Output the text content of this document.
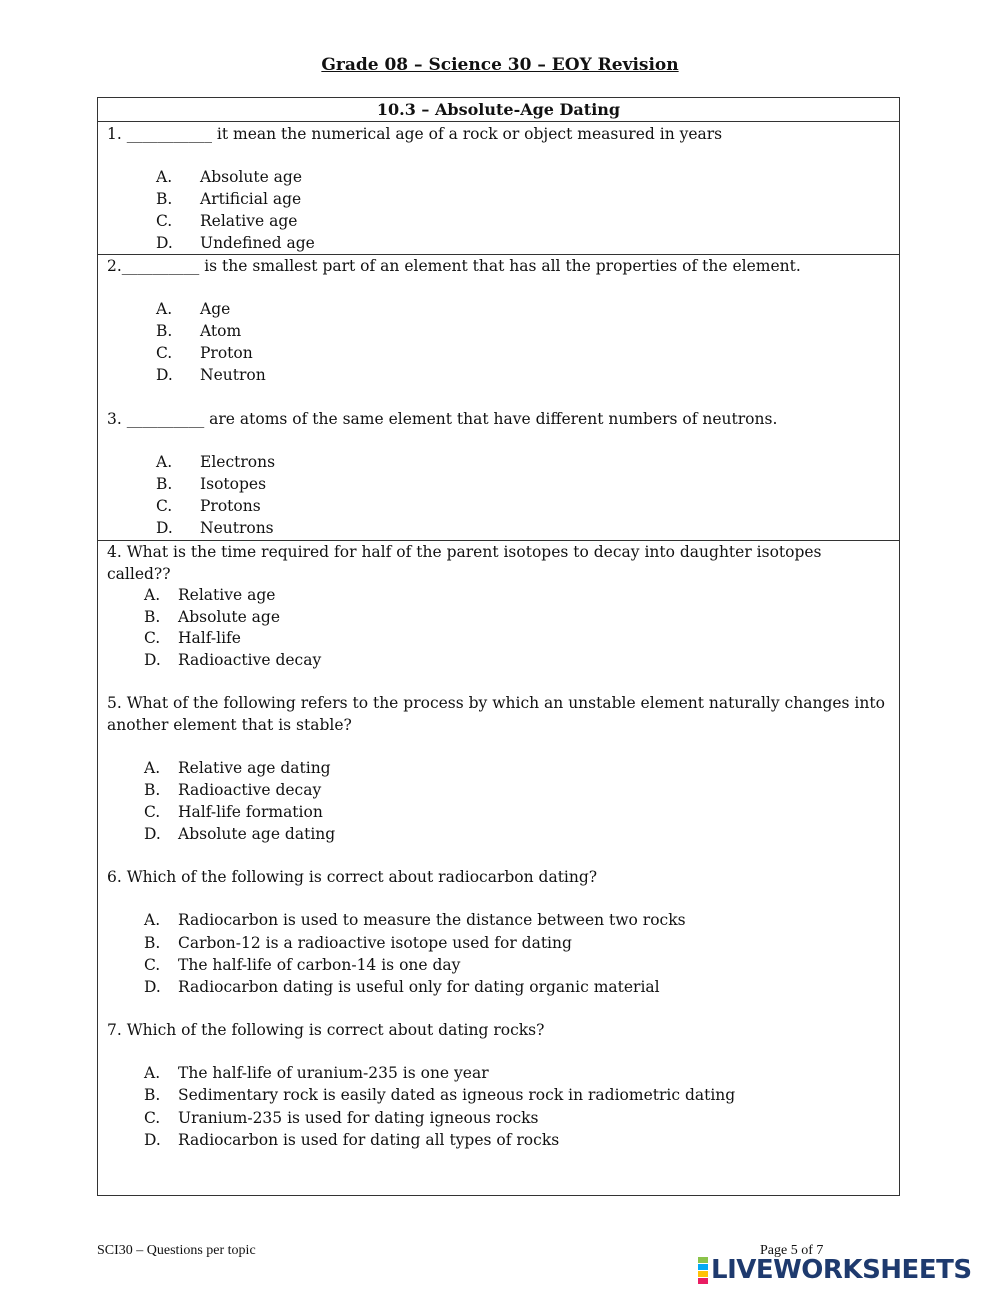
Grade 08 – Science 30 – EOY Revision
10.3 – Absolute-Age Dating
1. ___________ it mean the numerical age of a rock or object measured in years
A. Absolute age
B. Artificial age
C. Relative age
D. Undefined age
2.__________ is the smallest part of an element that has all the properties of the element.
A. Age
B. Atom
C. Proton
D. Neutron
3. __________ are atoms of the same element that have different numbers of neutrons.
A. Electrons
B. Isotopes
C. Protons
D. Neutrons
4. What is the time required for half of the parent isotopes to decay into daughter isotopes called??
A. Relative age
B. Absolute age
C. Half-life
D. Radioactive decay
5. What of the following refers to the process by which an unstable element naturally changes into another element that is stable?
A. Relative age dating
B. Radioactive decay
C. Half-life formation
D. Absolute age dating
6. Which of the following is correct about radiocarbon dating?
A. Radiocarbon is used to measure the distance between two rocks
B. Carbon-12 is a radioactive isotope used for dating
C. The half-life of carbon-14 is one day
D. Radiocarbon dating is useful only for dating organic material
7. Which of the following is correct about dating rocks?
A. The half-life of uranium-235 is one year
B. Sedimentary rock is easily dated as igneous rock in radiometric dating
C. Uranium-235 is used for dating igneous rocks
D. Radiocarbon is used for dating all types of rocks
SCI30 – Questions per topic	Page 5 of 7
LIVEWORKSHEETS
